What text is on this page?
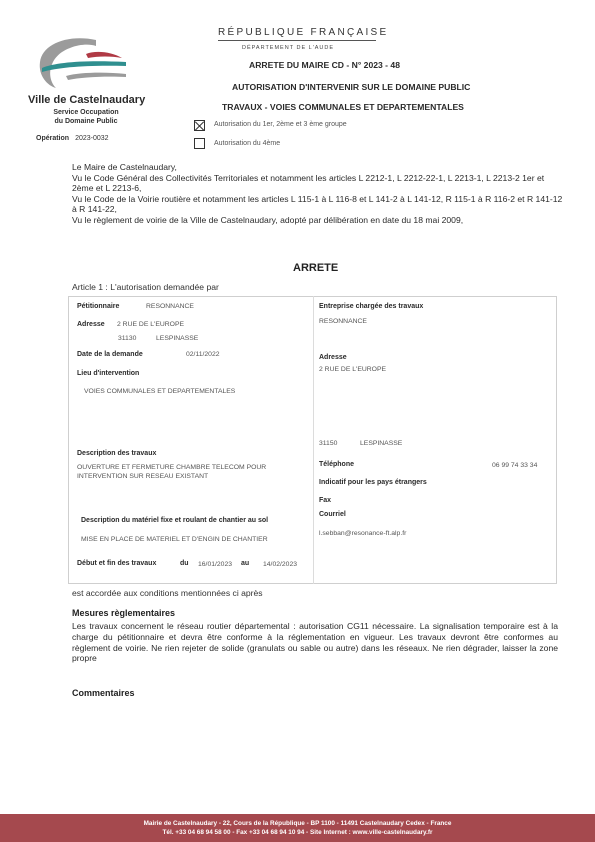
Ville de Castelnaudary
Service Occupation
du Domaine Public
Opération 2023-0032
RÉPUBLIQUE FRANÇAISE
DÉPARTEMENT DE L'AUDE
ARRETE DU MAIRE CD - N° 2023 - 48
AUTORISATION D'INTERVENIR SUR LE DOMAINE PUBLIC
TRAVAUX - VOIES COMMUNALES ET DEPARTEMENTALES
Autorisation du 1er, 2ème et 3 ème groupe
Autorisation du 4ème

Le Maire de Castelnaudary,

Vu le Code Général des Collectivités Territoriales et notamment les articles L 2212-1, L 2212-22-1, L 2213-1, L 2213-2 1er et 2ème et L 2213-6,

Vu le Code de la Voirie routière et notamment les articles L 115-1 à L 116-8 et L 141-2 à L 141-12, R 115-1 à R 116-2 et R 141-12 à R 141-22,

Vu le règlement de voirie de la Ville de Castelnaudary, adopté par délibération en date du 18 mai 2009,

ARRETE
Article 1 : L'autorisation demandée par
Pétitionnaire	RESONNANCE
Adresse 2 RUE DE L'EUROPE
31130	LESPINASSE
Date de la demande	02/11/2022
Lieu d'intervention
VOIES COMMUNALES ET DEPARTEMENTALES
Description des travaux
OUVERTURE ET FERMETURE CHAMBRE TELECOM POUR
INTERVENTION SUR RESEAU EXISTANT
Description du matériel fixe et roulant de chantier au sol
MISE EN PLACE DE MATERIEL ET D'ENGIN DE CHANTIER
Début et fin des travaux	du 16/01/2023 au 14/02/2023
Entreprise chargée des travaux
RESONNANCE
Adresse
2 RUE DE L'EUROPE
31150	LESPINASSE
Téléphone	06 99 74 33 34
Indicatif pour les pays étrangers
Fax
Courriel
l.sebban@resonance-ft.alp.fr
est accordée aux conditions mentionnées ci après
Mesures règlementaires
Les travaux concernent le réseau routier départemental : autorisation CG11 nécessaire. La signalisation temporaire est à la charge du pétitionnaire et devra être conforme à la réglementation en vigueur. Les travaux devront être conformes au règlement de voirie. Ne rien rejeter de solide (granulats ou sable ou autre) dans les réseaux. Ne rien dégrader, laisser la zone propre
Commentaires
Mairie de Castelnaudary - 22, Cours de la République - BP 1100 - 11491 Castelnaudary Cedex - France
Tél. +33 04 68 94 58 00 - Fax +33 04 68 94 10 94 - Site Internet : www.ville-castelnaudary.fr
